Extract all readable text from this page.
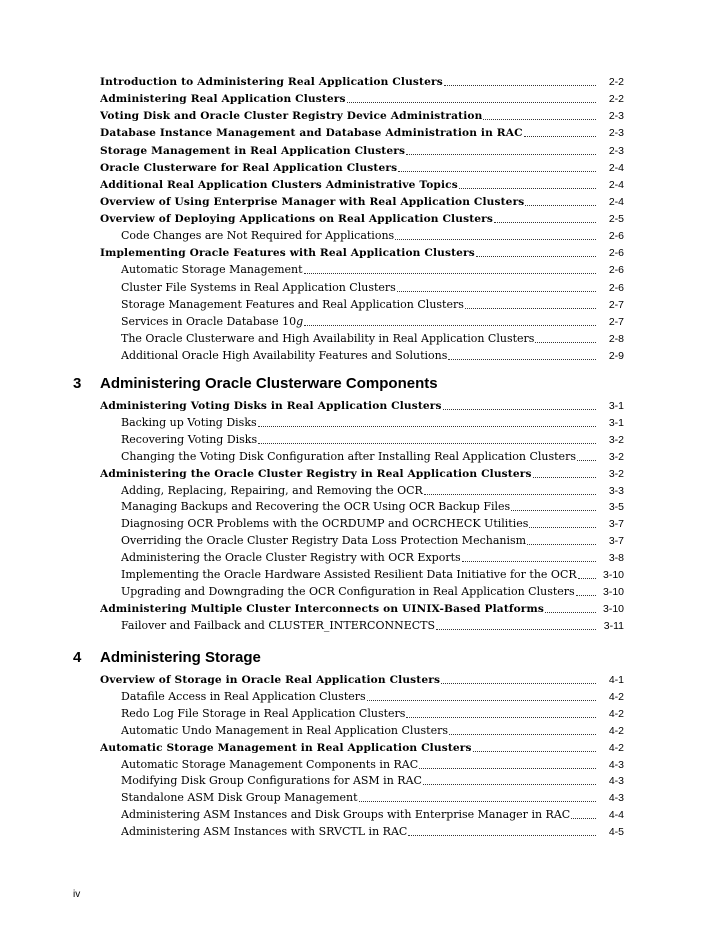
Introduction to Administering Real Application Clusters	2-2
Administering Real Application Clusters	2-2
Voting Disk and Oracle Cluster Registry Device Administration	2-3
Database Instance Management and Database Administration in RAC	2-3
Storage Management in Real Application Clusters	2-3
Oracle Clusterware for Real Application Clusters	2-4
Additional Real Application Clusters Administrative Topics	2-4
Overview of Using Enterprise Manager with Real Application Clusters	2-4
Overview of Deploying Applications on Real Application Clusters	2-5
Code Changes are Not Required for Applications	2-6
Implementing Oracle Features with Real Application Clusters	2-6
Automatic Storage Management	2-6
Cluster File Systems in Real Application Clusters	2-6
Storage Management Features and Real Application Clusters	2-7
Services in Oracle Database 10g	2-7
The Oracle Clusterware and High Availability in Real Application Clusters	2-8
Additional Oracle High Availability Features and Solutions	2-9
3 Administering Oracle Clusterware Components
Administering Voting Disks in Real Application Clusters	3-1
Backing up Voting Disks	3-1
Recovering Voting Disks	3-2
Changing the Voting Disk Configuration after Installing Real Application Clusters	3-2
Administering the Oracle Cluster Registry in Real Application Clusters	3-2
Adding, Replacing, Repairing, and Removing the OCR	3-3
Managing Backups and Recovering the OCR Using OCR Backup Files	3-5
Diagnosing OCR Problems with the OCRDUMP and OCRCHECK Utilities	3-7
Overriding the Oracle Cluster Registry Data Loss Protection Mechanism	3-7
Administering the Oracle Cluster Registry with OCR Exports	3-8
Implementing the Oracle Hardware Assisted Resilient Data Initiative for the OCR	3-10
Upgrading and Downgrading the OCR Configuration in Real Application Clusters	3-10
Administering Multiple Cluster Interconnects on UINIX-Based Platforms	3-10
Failover and Failback and CLUSTER_INTERCONNECTS	3-11
4 Administering Storage
Overview of Storage in Oracle Real Application Clusters	4-1
Datafile Access in Real Application Clusters	4-2
Redo Log File Storage in Real Application Clusters	4-2
Automatic Undo Management in Real Application Clusters	4-2
Automatic Storage Management in Real Application Clusters	4-2
Automatic Storage Management Components in RAC	4-3
Modifying Disk Group Configurations for ASM in RAC	4-3
Standalone ASM Disk Group Management	4-3
Administering ASM Instances and Disk Groups with Enterprise Manager in RAC	4-4
Administering ASM Instances with SRVCTL in RAC	4-5
iv
